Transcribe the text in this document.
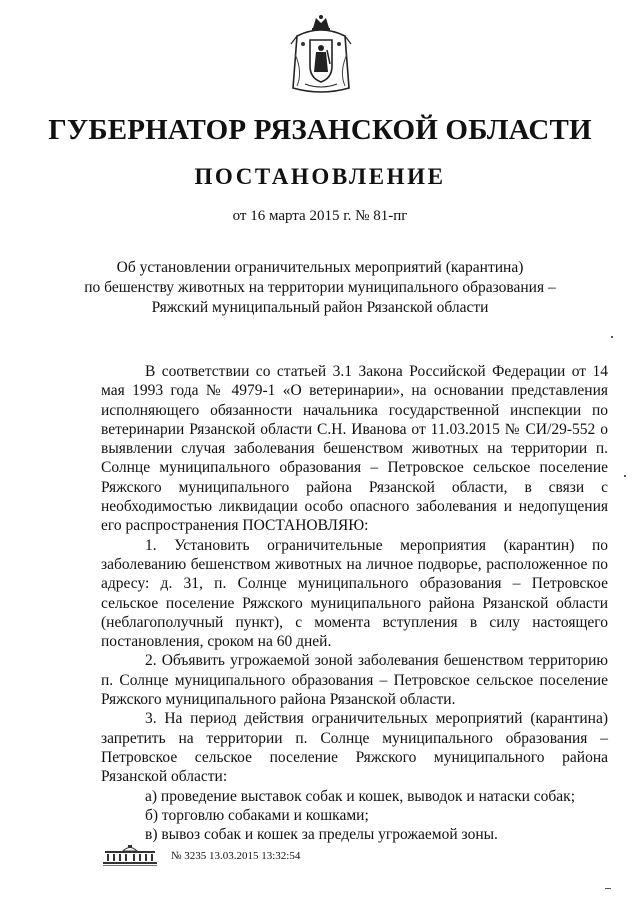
ГУБЕРНАТОР РЯЗАНСКОЙ ОБЛАСТИ
ПОСТАНОВЛЕНИЕ
от 16 марта 2015 г. № 81-пг
Об установлении ограничительных мероприятий (карантина)
по бешенству животных на территории муниципального образования –
Ряжский муниципальный район Рязанской области

В соответствии со статьей 3.1 Закона Российской Федерации от 14 мая 1993 года № 4979-1 «О ветеринарии», на основании представления исполняющего обязанности начальника государственной инспекции по ветеринарии Рязанской области С.Н. Иванова от 11.03.2015 № СИ/29-552 о выявлении случая заболевания бешенством животных на территории п. Солнце муниципального образования – Петровское сельское поселение Ряжского муниципального района Рязанской области, в связи с необходимостью ликвидации особо опасного заболевания и недопущения его распространения ПОСТАНОВЛЯЮ:

1. Установить ограничительные мероприятия (карантин) по заболеванию бешенством животных на личное подворье, расположенное по адресу: д. 31, п. Солнце муниципального образования – Петровское сельское поселение Ряжского муниципального района Рязанской области (неблагополучный пункт), с момента вступления в силу настоящего постановления, сроком на 60 дней.

2. Объявить угрожаемой зоной заболевания бешенством территорию п. Солнце муниципального образования – Петровское сельское поселение Ряжского муниципального района Рязанской области.

3. На период действия ограничительных мероприятий (карантина) запретить на территории п. Солнце муниципального образования – Петровское сельское поселение Ряжского муниципального района Рязанской области:

а) проведение выставок собак и кошек, выводок и натаски собак;

б) торговлю собаками и кошками;

в) вывоз собак и кошек за пределы угрожаемой зоны.

№ 3235 13.03.2015 13:32:54
